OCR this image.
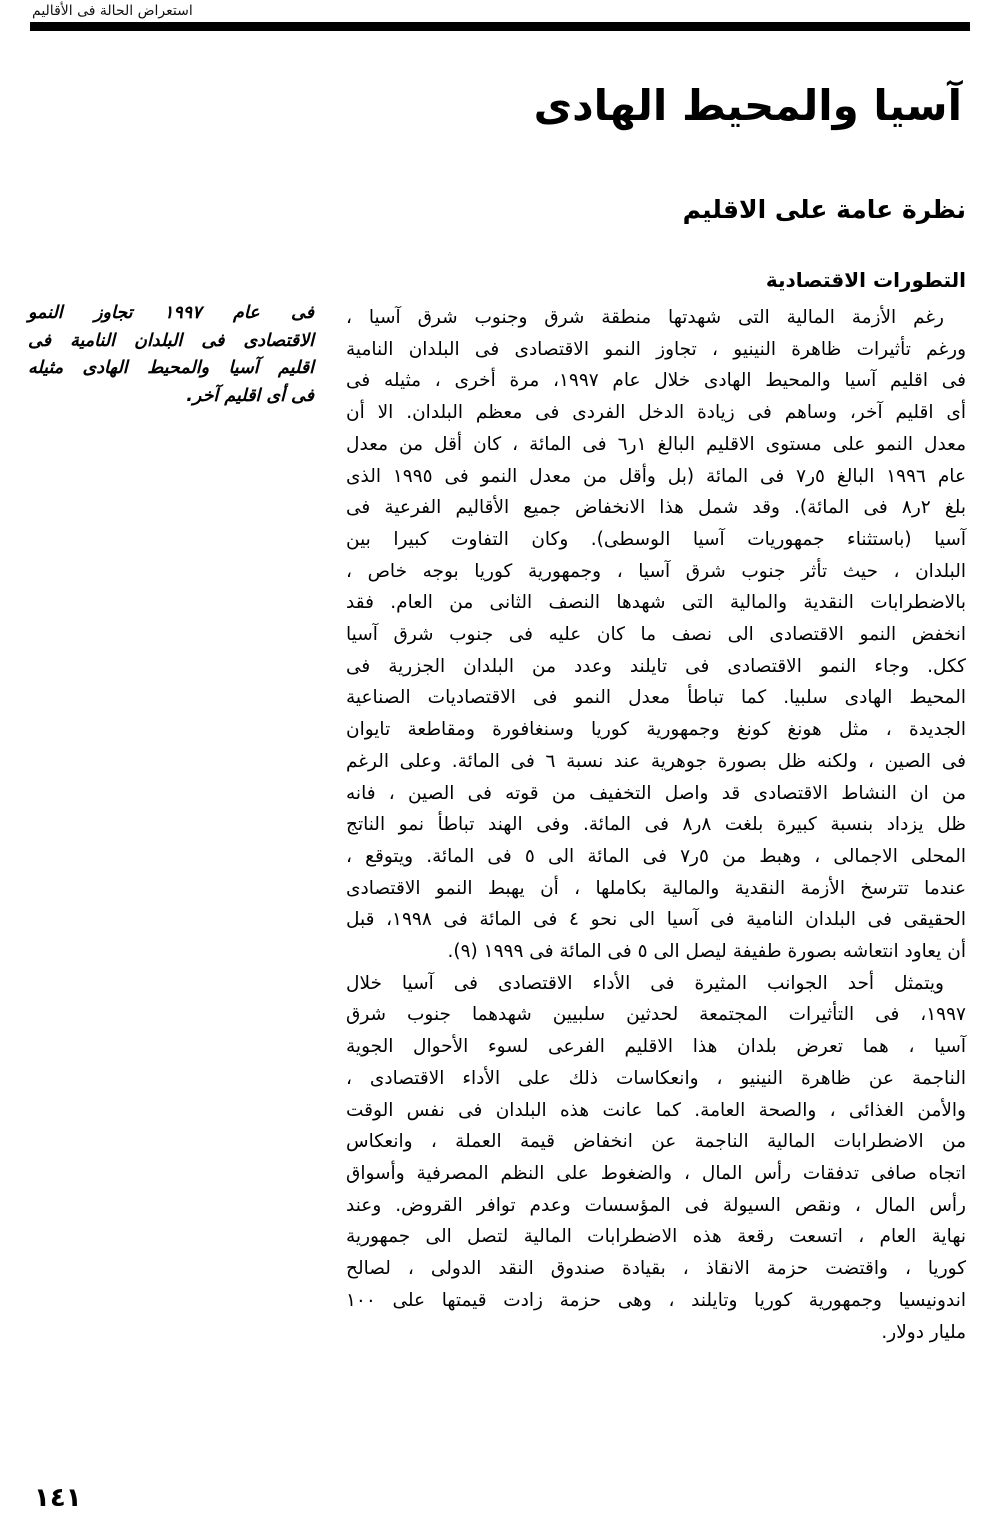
استعراض الحالة فى الأقاليم
آسيا والمحيط الهادى
نظرة عامة على الاقليم
التطورات الاقتصادية
فى عام ١٩٩٧ تجاوز النمو
الاقتصادى فى البلدان النامية فى
اقليم آسيا والمحيط الهادى مثيله
فى أى اقليم آخر.
رغم الأزمة المالية التى شهدتها منطقة شرق وجنوب شرق آسيا ،
ورغم تأثيرات ظاهرة النينيو ، تجاوز النمو الاقتصادى فى البلدان النامية
فى اقليم آسيا والمحيط الهادى خلال عام ١٩٩٧، مرة أخرى ، مثيله فى
أى اقليم آخر، وساهم فى زيادة الدخل الفردى فى معظم البلدان. الا أن
معدل النمو على مستوى الاقليم البالغ ١ر٦ فى المائة ، كان أقل من معدل
عام ١٩٩٦ البالغ ٥ر٧ فى المائة (بل وأقل من معدل النمو فى ١٩٩٥ الذى
بلغ ٢ر٨ فى المائة). وقد شمل هذا الانخفاض جميع الأقاليم الفرعية فى
آسيا (باستثناء جمهوريات آسيا الوسطى). وكان التفاوت كبيرا بين
البلدان ، حيث تأثر جنوب شرق آسيا ، وجمهورية كوريا بوجه خاص ،
بالاضطرابات النقدية والمالية التى شهدها النصف الثانى من العام. فقد
انخفض النمو الاقتصادى الى نصف ما كان عليه فى جنوب شرق آسيا
ككل. وجاء النمو الاقتصادى فى تايلند وعدد من البلدان الجزرية فى
المحيط الهادى سلبيا. كما تباطأ معدل النمو فى الاقتصاديات الصناعية
الجديدة ، مثل هونغ كونغ وجمهورية كوريا وسنغافورة ومقاطعة تايوان
فى الصين ، ولكنه ظل بصورة جوهرية عند نسبة ٦ فى المائة. وعلى الرغم
من ان النشاط الاقتصادى قد واصل التخفيف من قوته فى الصين ، فانه
ظل يزداد بنسبة كبيرة بلغت ٨ر٨ فى المائة. وفى الهند تباطأ نمو الناتج
المحلى الاجمالى ، وهبط من ٥ر٧ فى المائة الى ٥ فى المائة. ويتوقع ،
عندما تترسخ الأزمة النقدية والمالية بكاملها ، أن يهبط النمو الاقتصادى
الحقيقى فى البلدان النامية فى آسيا الى نحو ٤ فى المائة فى ١٩٩٨، قبل
أن يعاود انتعاشه بصورة طفيفة ليصل الى ٥ فى المائة فى ١٩٩٩ (٩).
ويتمثل أحد الجوانب المثيرة فى الأداء الاقتصادى فى آسيا خلال
١٩٩٧، فى التأثيرات المجتمعة لحدثين سلبيين شهدهما جنوب شرق
آسيا ، هما تعرض بلدان هذا الاقليم الفرعى لسوء الأحوال الجوية
الناجمة عن ظاهرة النينيو ، وانعكاسات ذلك على الأداء الاقتصادى ،
والأمن الغذائى ، والصحة العامة. كما عانت هذه البلدان فى نفس الوقت
من الاضطرابات المالية الناجمة عن انخفاض قيمة العملة ، وانعكاس
اتجاه صافى تدفقات رأس المال ، والضغوط على النظم المصرفية وأسواق
رأس المال ، ونقص السيولة فى المؤسسات وعدم توافر القروض. وعند
نهاية العام ، اتسعت رقعة هذه الاضطرابات المالية لتصل الى جمهورية
كوريا ، واقتضت حزمة الانقاذ ، بقيادة صندوق النقد الدولى ، لصالح
اندونيسيا وجمهورية كوريا وتايلند ، وهى حزمة زادت قيمتها على ١٠٠
مليار دولار.
١٤١
